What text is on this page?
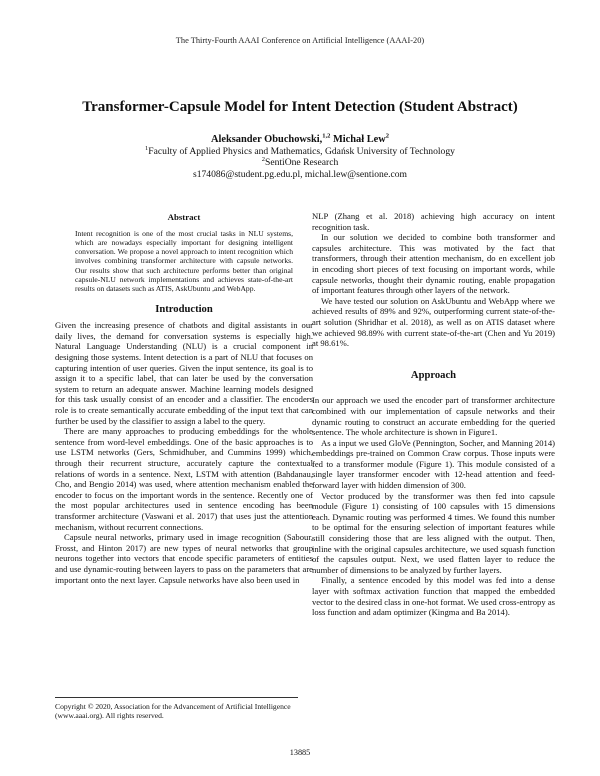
The Thirty-Fourth AAAI Conference on Artificial Intelligence (AAAI-20)
Transformer-Capsule Model for Intent Detection (Student Abstract)
Aleksander Obuchowski,$^{1,2}$ Michał Lew$^2$
$^1$Faculty of Applied Physics and Mathematics, Gdańsk University of Technology
$^2$SentiOne Research
s174086@student.pg.edu.pl, michal.lew@sentione.com
Abstract

Intent recognition is one of the most crucial tasks in NLU systems, which are nowadays especially important for designing intelligent conversation. We propose a novel approach to intent recognition which involves combining transformer architecture with capsule networks. Our results show that such architecture performs better than original capsule-NLU network implementations and achieves state-of-the-art results on datasets such as ATIS, AskUbuntu ,and WebApp.

Introduction

Given the increasing presence of chatbots and digital assistants in our daily lives, the demand for conversation systems is especially high. Natural Language Understanding (NLU) is a crucial component in designing those systems. Intent detection is a part of NLU that focuses on capturing intention of user queries. Given the input sentence, its goal is to assign it to a specific label, that can later be used by the conversation system to return an adequate answer. Machine learning models designed for this task usually consist of an encoder and a classifier. The encoders role is to create semantically accurate embedding of the input text that can further be used by the classifier to assign a label to the query.

There are many approaches to producing embeddings for the whole sentence from word-level embeddings. One of the basic approaches is to use LSTM networks (Gers, Schmidhuber, and Cummins 1999) which, through their recurrent structure, accurately capture the contextual relations of words in a sentence. Next, LSTM with attention (Bahdanau, Cho, and Bengio 2014) was used, where attention mechanism enabled the encoder to focus on the important words in the sentence. Recently one of the most popular architectures used in sentence encoding has been transformer architecture (Vaswani et al. 2017) that uses just the attention mechanism, without recurrent connections.

Capsule neural networks, primary used in image recognition (Sabour, Frosst, and Hinton 2017) are new types of neural networks that group neurons together into vectors that encode specific parameters of entities and use dynamic-routing between layers to pass on the parameters that are important onto the next layer. Capsule networks have also been used in

NLP (Zhang et al. 2018) achieving high accuracy on intent recognition task.

In our solution we decided to combine both transformer and capsules architecture. This was motivated by the fact that transformers, through their attention mechanism, do en excellent job in encoding short pieces of text focusing on important words, while capsule networks, thought their dynamic routing, enable propagation of important features through other layers of the network.

We have tested our solution on AskUbuntu and WebApp where we achieved results of 89% and 92%, outperforming current state-of-the-art solution (Shridhar et al. 2018), as well as on ATIS dataset where we achieved 98.89% with current state-of-the-art (Chen and Yu 2019) at 98.61%.

Approach

In our approach we used the encoder part of transformer architecture combined with our implementation of capsule networks and their dynamic routing to construct an accurate embedding for the queried sentence. The whole architecture is shown in Figure1.

As a input we used GloVe (Pennington, Socher, and Manning 2014) embeddings pre-trained on Common Craw corpus. Those inputs were fed to a transformer module (Figure 1). This module consisted of a single layer transformer encoder with 12-head attention and feed-forward layer with hidden dimension of 300.

Vector produced by the transformer was then fed into capsule module (Figure 1) consisting of 100 capsules with 15 dimensions each. Dynamic routing was performed 4 times. We found this number to be optimal for the ensuring selection of important features while still considering those that are less aligned with the output. Then, inline with the original capsules architecture, we used squash function of the capsules output. Next, we used flatten layer to reduce the number of dimensions to be analyzed by further layers.

Finally, a sentence encoded by this model was fed into a dense layer with softmax activation function that mapped the embedded vector to the desired class in one-hot format. We used cross-entropy as loss function and adam optimizer (Kingma and Ba 2014).

Copyright © 2020, Association for the Advancement of Artificial Intelligence (www.aaai.org). All rights reserved.
13885
